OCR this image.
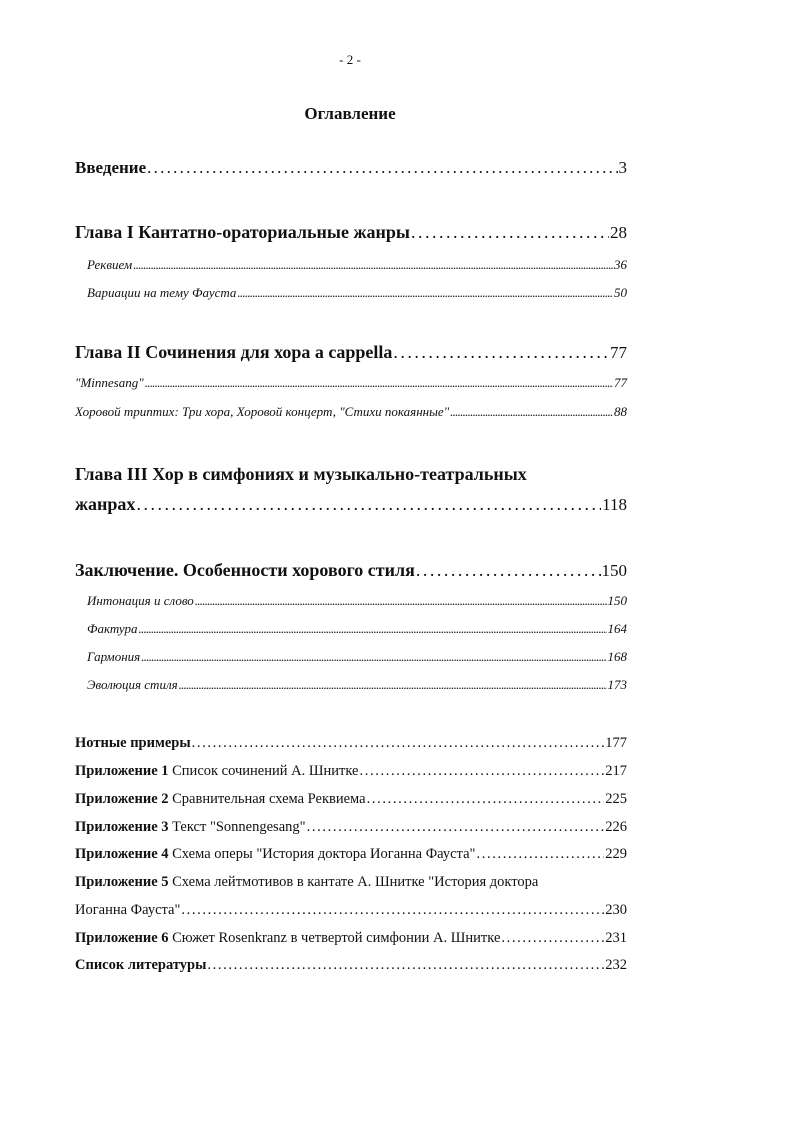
- 2 -
Оглавление
Введение . . .	3
Глава I Кантатно-ораториальные жанры . . .	28
Реквием . . .	36
Вариации на тему Фауста . . .	50
Глава II Сочинения для хора a cappella . . .	77
"Minnesang" . . .	77
Хоровой триптих: Три хора, Хоровой концерт, "Стихи покаянные" . . .	88
Глава III Хор в симфониях и музыкально-театральных
жанрах . . .	118
Заключение. Особенности хорового стиля . . .	150
Интонация и слово . . .	150
Фактура . . .	164
Гармония . . .	168
Эволюция стиля . . .	173
Нотные примеры . . .	177
Приложение 1 Список сочинений А. Шнитке . . .	217
Приложение 2 Сравнительная схема Реквиема . . .	225
Приложение 3 Текст "Sonnengesang" . . .	226
Приложение 4 Схема оперы "История доктора Иоганна Фауста" . . .	229
Приложение 5 Схема лейтмотивов в кантате А. Шнитке "История доктора
Иоганна Фауста" . . .	230
Приложение 6 Сюжет Rosenkranz в четвертой симфонии А. Шнитке . . .	231
Список литературы . . .	232
